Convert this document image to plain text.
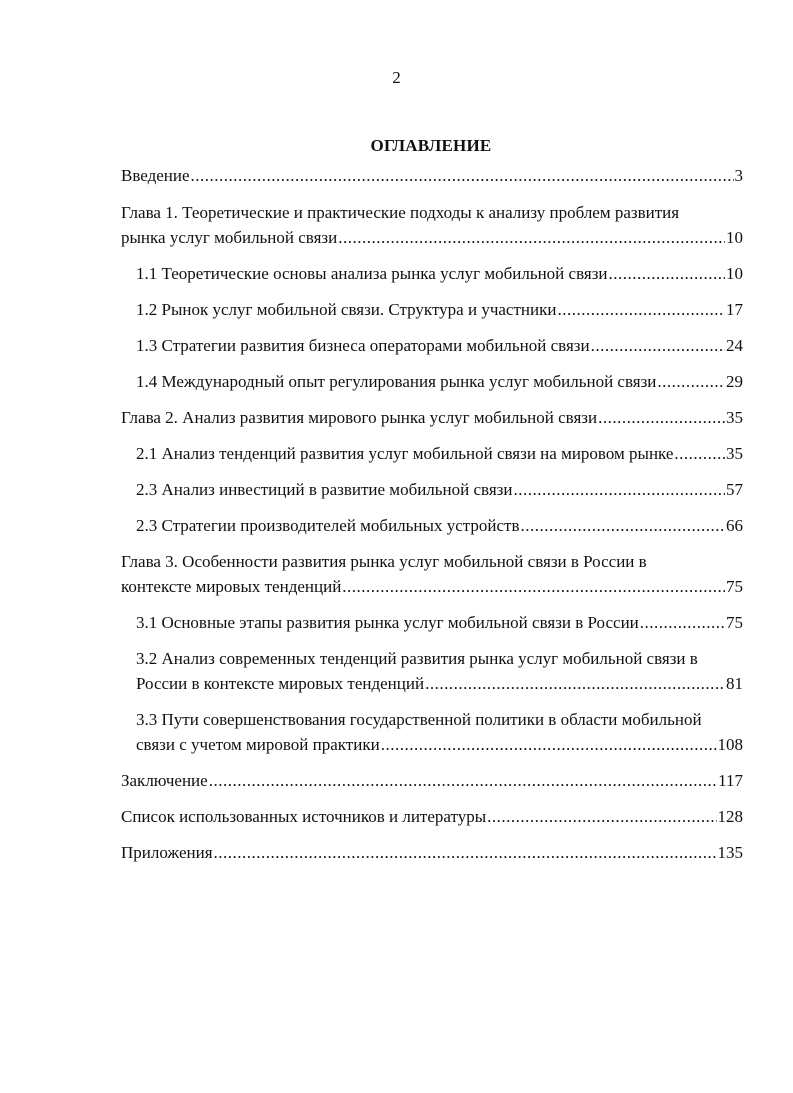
2
ОГЛАВЛЕНИЕ
Введение .....	3
Глава 1. Теоретические и практические подходы к анализу проблем развития
рынка услуг мобильной связи .....	10
1.1 Теоретические основы анализа рынка услуг мобильной связи .....	10
1.2 Рынок услуг мобильной связи. Структура и участники .....	17
1.3 Стратегии развития бизнеса операторами мобильной связи .....	24
1.4 Международный опыт регулирования рынка услуг мобильной связи .....	29
Глава 2. Анализ развития мирового рынка услуг мобильной связи .....	35
2.1 Анализ тенденций развития услуг мобильной связи на мировом рынке .....	35
2.3 Анализ инвестиций в развитие мобильной связи .....	57
2.3 Стратегии производителей мобильных устройств .....	66
Глава 3. Особенности развития рынка услуг мобильной связи в России в
контексте мировых тенденций .....	75
3.1 Основные этапы развития рынка услуг мобильной связи в России .....	75
3.2 Анализ современных тенденций развития рынка услуг мобильной связи в
России в контексте мировых тенденций .....	81
3.3 Пути совершенствования государственной политики в области мобильной
связи с учетом мировой практики .....	108
Заключение .....	117
Список использованных источников и литературы .....	128
Приложения .....	135
